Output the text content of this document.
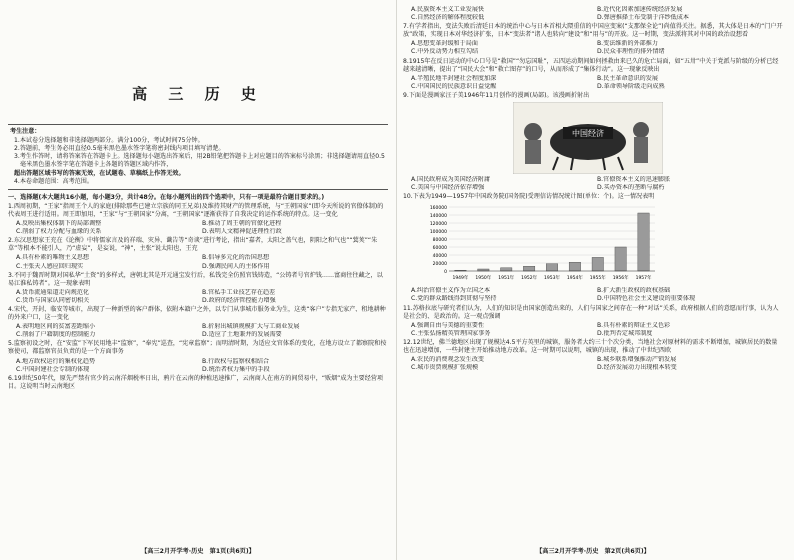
高 三 历 史
考生注意：

1.本试卷分选择题和非选择题两部分。满分100分，考试时间75分钟。

2.答题前，考生务必用直径0.5毫米黑色墨水签字笔将密封线内项目填写清楚。

3.考生作答时，请将答案答在答题卡上。选择题每小题选出答案后，用2B铅笔把答题卡上对应题目的答案标号涂黑；非选择题请用直径0.5毫米黑色墨水签字笔在答题卡上各题的答题区域内作答，

超出答题区域书写的答案无效，在试题卷、草稿纸上作答无效。

4.本卷命题范围：高考范围。

一、选择题(本大题共16小题，每小题3分，共计48分。在每小题列出的四个选项中，只有一项是最符合题目要求的。)
1.西周初期，“王家”指周王个人的家庭(排除那些已建立宗族的同王兄弟)及维持其财产的管理系统，与“王朝国家”(即今天所说的官僚体制)的代表周王进行适用。周王即加用，“王家”与“王朝国家”分离，“王朝国家”逐渐获得了自我决定的运作系统的特点。这一变化
A.反映出集权体制下的局部调整	B.推动了周王朝的官僚化进程
C.削弱了权力分配与血缘的关系	D.表明人文精神促进理性行政
2.东汉思想家王充在《论衡》中将儒家言及的祥瑞、灾异、谶告等“奇谈”进行考论，指出“嘉者，太阳之盖气也，阴阳之和气也”“蓂荚”“朱草”等根本不能引人，乃“虚妄”，是妄说，“神”，主张“说太阳也，王充
A.具有朴素的唯物主义思想	B.倡导多元化的治国思想
C.主张天人感应回归现实	D.强调民间人的主体作用
3.不同于魏晋时期对国私华“土资”的多样式，唐朝北其是开元通宝发行后，私钱完全仿照官钱铸造，“公铸者号官炉钱……富商往往藏之，以易江淮私铸者”。这一现象表明
A.货币流通渠道走向规范化	B.官私手工业技艺存在趋差
C.货币与国家认同密切相关	D.政府的经济管控能力增强
4.宋代，开封、临安等城市，出现了一种新型的客户群体，依附本籍户之外，以专门从事城市服务业为生，这类“客户”专指无家产、租地耕种的外来户口，这一变化
A.表明地区间的贫富差距缩小	B.折射出城镇规模扩大与工商业发展
C.削弱了户籍制度的控制能力	D.适应了土地兼并的发展需要
5.监察初设之时，在“安监”下军民用地丰“监察”，“奉宪”巡查，“宪章监察”；而明清时期，为适应文官体系的变化，在地方设立了都察院和按察使司，都监察官员负责的是一个方面事务
A.地方政权运行的集权化趋势	B.行政权与监察权相结合
C.中国封建社会专制的体现	D.统治者权力集中的手段
6.19世纪50年代，原先严禁有官少的云南洋烟税率日出，鸦片在云南的种植迅速推广，云南商人在南方的间贸易中，“贩烟”成为主要经营项目。这说明当时云南地区
【高三2月开学考·历史　第1页(共6页)】
A.民族资本主义工业发展快	B.近代化因素加速传统经济发展
C.自然经济的解体程度较低	D.弹唐推择土布受制于洋纱低成本
7.有学者指出，变法失败后清廷日本的统治中心与日本首相大隈重信的中国应变案(“支那保全论”)尚值得关注。据悉，其大体是日本的“门户开放”政策，实现日本对华经济扩张，日本“变法者”诸人也转向“建设”和“用与”的开放。这一时期，变法派将其对中国的政治设想看
A.思想变革封缓和于局面	B.变法维新的外部推力
C.中外反动势力相互勾结	D.民众非理性的排外情绪
8.1915年在反日运动的中心口号是“救国”“勿忘国耻”，五四运动期间如何拯救由来已久的危亡局面，如“五卅”中关于党派与阶级的分析已经越来越清晰，提出了“国民大会”和“救亡图存”的口号，从而形成了“集体行动”。这一现象反映出
A.半殖民地半封建社会程度加深	B.民主革命意识的发展
C.中国国民的民族意识日益觉醒	D.革命领导阶级走向成熟
9.下面是漫画家汪子美1946年11月创作的漫画(局部)。该漫画折射出
中国经济
A.国民政府成为美国经济附庸	B.官僚资本主义的迅速膨胀
C.美国与中国经济依存增强	D.买办资本的垄断与腐朽
10.下表为1949—1957年中国政务院(国务院)受理信访情况统计图(单位：个)。这一情况表明
0
20000
40000
60000
80000
100000
120000
140000
160000
1949年 1950年 1951年 1952年 1953年 1954年 1955年 1956年 1957年
A.纠治官僚主义作为立国之本	B.扩大新生政权的政权基础
C.党的群众路线得到贯彻与坚持	D.中国特色社会主义建设的重要体现
11.苏格拉底与研究者们认为，人们的知识是由国家创造出来的，人们与国家之间存在一种“对话”关系，政府根据人们的意愿而行事，认为人是社会的、是政治的。这一观点强调
A.强调自由与美德的重要性	B.具有朴素的辩证主义色彩
C.主张弘扬精英管理国家事务	D.批判否定城邦制度
12.12世纪，佛兰德地区出现了规模达4.5平方英里的城镇，服务者大约三十个次分类，当地社会对原材料的需求不断增加，城镇居民的数量也在迅速增加，一些封建主开始推动地方改革。这一时期可以说明，城镇的出现，推动了中世纪西欧
A.农民的消费观念发生改变	B.城乡联系增强推动产销发展
C.城市贵贾规模扩张规模	D.经济发展动力出现根本转变
【高三2月开学考·历史　第2页(共6页)】
